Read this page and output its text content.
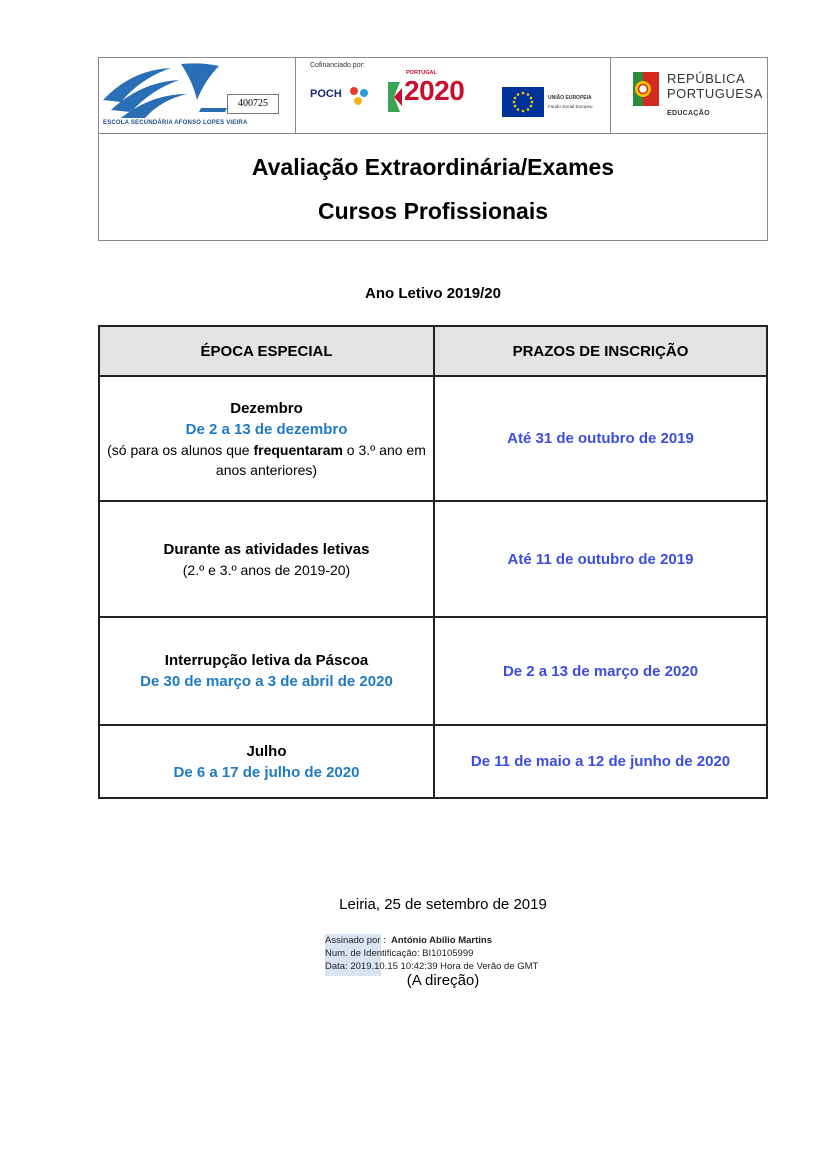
400725
ESCOLA SECUNDÁRIA AFONSO LOPES VIEIRA
Cofinanciado por:
POCH
PORTUGAL
2020	UNIÃO EUROPEIA
Fundo Social Europeu
REPÚBLICA
PORTUGUESA
EDUCAÇÃO
Avaliação Extraordinária/Exames
Cursos Profissionais
Ano Letivo 2019/20
ÉPOCA ESPECIAL	PRAZOS DE INSCRIÇÃO
Dezembro
De 2 a 13 de dezembro
(só para os alunos que frequentaram o 3.º ano em anos anteriores)
Até 31 de outubro de 2019
Durante as atividades letivas
(2.º e 3.º anos de 2019-20)
Até 11 de outubro de 2019
Interrupção letiva da Páscoa
De 30 de março a 3 de abril de 2020
De 2 a 13 de março de 2020
Julho
De 6 a 17 de julho de 2020
De 11 de maio a 12 de junho de 2020
Leiria, 25 de setembro de 2019
Assinado por : António Abílio Martins
Num. de Identificação: BI10105999
Data: 2019.10.15 10:42:39 Hora de Verão de GMT
(A direção)
